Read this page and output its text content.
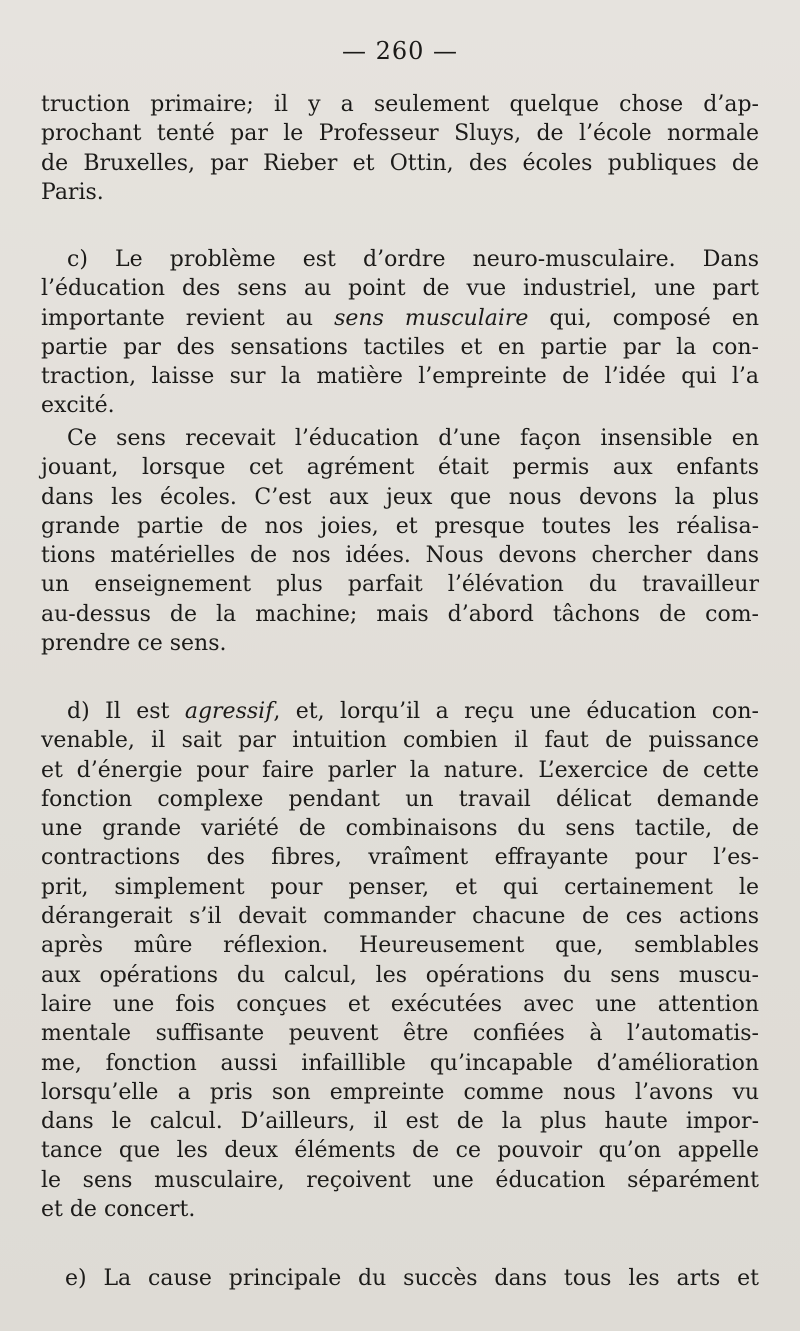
— 260 —
truction primaire; il y a seulement quelque chose d’ap-
prochant tenté par le Professeur Sluys, de l’école normale
de Bruxelles, par Rieber et Ottin, des écoles publiques de
Paris.
c) Le problème est d’ordre neuro-musculaire. Dans
l’éducation des sens au point de vue industriel, une part
importante revient au sens musculaire qui, composé en
partie par des sensations tactiles et en partie par la con-
traction, laisse sur la matière l’empreinte de l’idée qui l’a
excité.
Ce sens recevait l’éducation d’une façon insensible en
jouant, lorsque cet agrément était permis aux enfants
dans les écoles. C’est aux jeux que nous devons la plus
grande partie de nos joies, et presque toutes les réalisa-
tions matérielles de nos idées. Nous devons chercher dans
un enseignement plus parfait l’élévation du travailleur
au-dessus de la machine; mais d’abord tâchons de com-
prendre ce sens.
d) Il est agressif, et, lorqu’il a reçu une éducation con-
venable, il sait par intuition combien il faut de puissance
et d’énergie pour faire parler la nature. L’exercice de cette
fonction complexe pendant un travail délicat demande
une grande variété de combinaisons du sens tactile, de
contractions des fibres, vraîment effrayante pour l’es-
prit, simplement pour penser, et qui certainement le
dérangerait s’il devait commander chacune de ces actions
après mûre réflexion. Heureusement que, semblables
aux opérations du calcul, les opérations du sens muscu-
laire une fois conçues et exécutées avec une attention
mentale suffisante peuvent être confiées à l’automatis-
me, fonction aussi infaillible qu’incapable d’amélioration
lorsqu’elle a pris son empreinte comme nous l’avons vu
dans le calcul. D’ailleurs, il est de la plus haute impor-
tance que les deux éléments de ce pouvoir qu’on appelle
le sens musculaire, reçoivent une éducation séparément
et de concert.
e) La cause principale du succès dans tous les arts et
